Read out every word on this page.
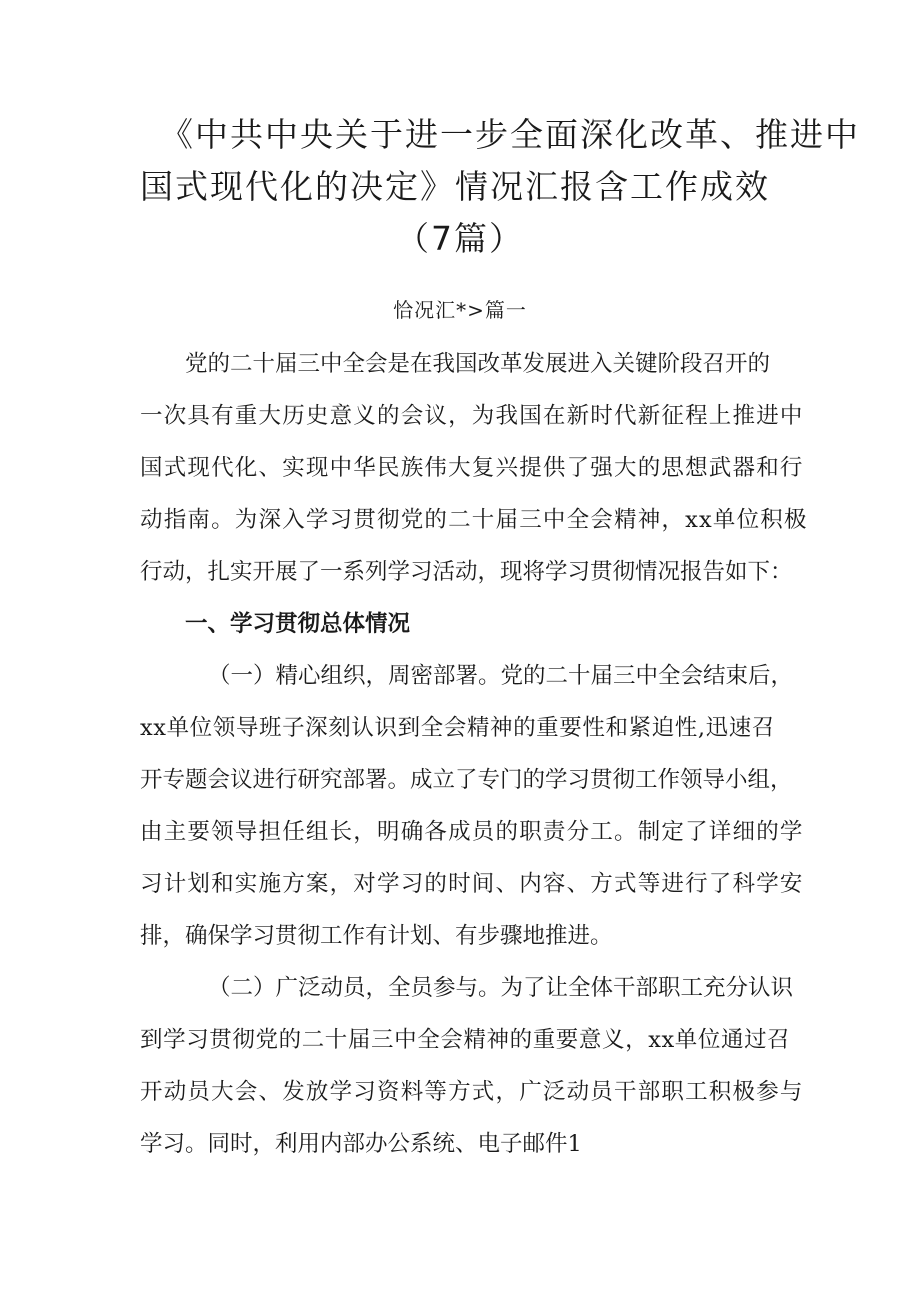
《中共中央关于进一步全面深化改革、推进中
国式现代化的决定》情况汇报含工作成效
（7篇）
恰况汇*>篇一
党的二十届三中全会是在我国改革发展进入关键阶段召开的
一次具有重大历史意义的会议，为我国在新时代新征程上推进中
国式现代化、实现中华民族伟大复兴提供了强大的思想武器和行
动指南。为深入学习贯彻党的二十届三中全会精神，xx单位积极
行动，扎实开展了一系列学习活动，现将学习贯彻情况报告如下：
一、学习贯彻总体情况
（一）精心组织，周密部署。党的二十届三中全会结束后，
xx单位领导班子深刻认识到全会精神的重要性和紧迫性,迅速召
开专题会议进行研究部署。成立了专门的学习贯彻工作领导小组，
由主要领导担任组长，明确各成员的职责分工。制定了详细的学
习计划和实施方案，对学习的时间、内容、方式等进行了科学安
排，确保学习贯彻工作有计划、有步骤地推进。
（二）广泛动员，全员参与。为了让全体干部职工充分认识
到学习贯彻党的二十届三中全会精神的重要意义，xx单位通过召
开动员大会、发放学习资料等方式，广泛动员干部职工积极参与
学习。同时，利用内部办公系统、电子邮件1
